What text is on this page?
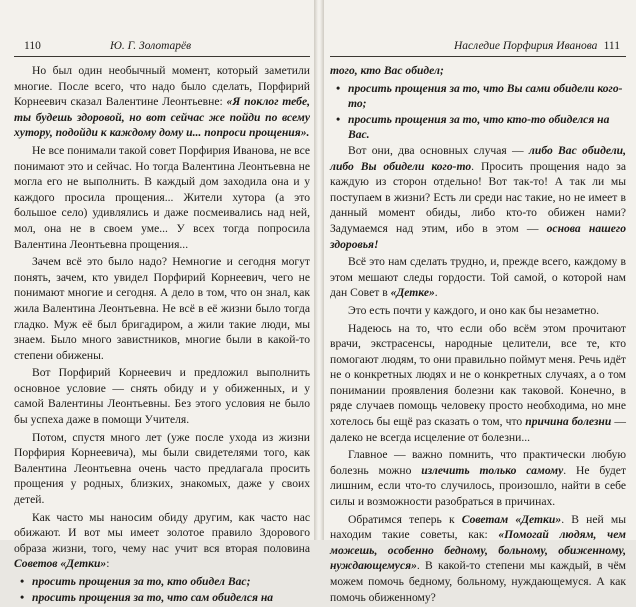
110	Ю. Г. Золотарёв

Но был один необычный момент, который заметили многие. После всего, что надо было сделать, Порфирий Корнеевич сказал Валентине Леонтьевне: «Я поклог тебе, ты будешь здоровой, но вот сейчас же пойди по всему хутору, подойди к каждому дому и... попроси прощения».

Не все понимали такой совет Порфирия Иванова, не все понимают это и сейчас. Но тогда Валентина Леонтьевна не могла его не выполнить. В каждый дом заходила она и у каждого просила прощения... Жители хутора (а это большое село) удивлялись и даже посмеивались над ней, мол, она не в своем уме... У всех тогда попросила Валентина Леонтьевна прощения...

Зачем всё это было надо? Немногие и сегодня могут понять, зачем, кто увидел Порфирий Корнеевич, чего не понимают многие и сегодня. А дело в том, что он знал, как жила Валентина Леонтьевна. Не всё в её жизни было тогда гладко. Муж её был бригадиром, а жили такие люди, мы знаем. Было много завистников, многие были в какой-то степени обижены.

Вот Порфирий Корнеевич и предложил выполнить основное условие — снять обиду и у обиженных, и у самой Валентины Леонтьевны. Без этого условия не было бы успеха даже в помощи Учителя.

Потом, спустя много лет (уже после ухода из жизни Порфирия Корнеевича), мы были свидетелями того, как Валентина Леонтьевна очень часто предлагала просить прощения у родных, близких, знакомых, даже у своих детей.

Как часто мы наносим обиду другим, как часто нас обижают. И вот мы имеет золотое правило Здорового образа жизни, того, чему нас учит вся вторая половина Советов «Детки»:

• просить прощения за то, кто обидел Вас;
• просить прощения за то, что сам обиделся на
Наследие Порфирия Иванова 111

того, кто Вас обидел;

• просить прощения за то, что Вы сами обидели кого-то;
• просить прощения за то, что кто-то обиделся на Вас.

Вот они, два основных случая — либо Вас обидели, либо Вы обидели кого-то. Просить прощения надо за каждую из сторон отдельно! Вот так-то! А так ли мы поступаем в жизни? Есть ли среди нас такие, но не имеет в данный момент обиды, либо кто-то обижен нами? Задумаемся над этим, ибо в этом — основа нашего здоровья!

Всё это нам сделать трудно, и, прежде всего, каждому в этом мешают следы гордости. Той самой, о которой нам дан Совет в «Детке».

Это есть почти у каждого, и оно как бы незаметно.

Надеюсь на то, что если обо всём этом прочитают врачи, экстрасенсы, народные целители, все те, кто помогают людям, то они правильно поймут меня. Речь идёт не о конкретных людях и не о конкретных случаях, а о том понимании проявления болезни как таковой. Конечно, в ряде случаев помощь человеку просто необходима, но мне хотелось бы ещё раз сказать о том, что причина болезни — далеко не всегда исцеление от болезни...

Главное — важно помнить, что практически любую болезнь можно излечить только самому. Не будет лишним, если что-то случилось, произошло, найти в себе силы и возможности разобраться в причинах.

Обратимся теперь к Советам «Детки». В ней мы находим такие советы, как: «Помогай людям, чем можешь, особенно бедному, больному, обиженному, нуждающемуся». В какой-то степени мы каждый, в чём можем помочь бедному, больному, нуждающемуся. А как помочь обиженному?
